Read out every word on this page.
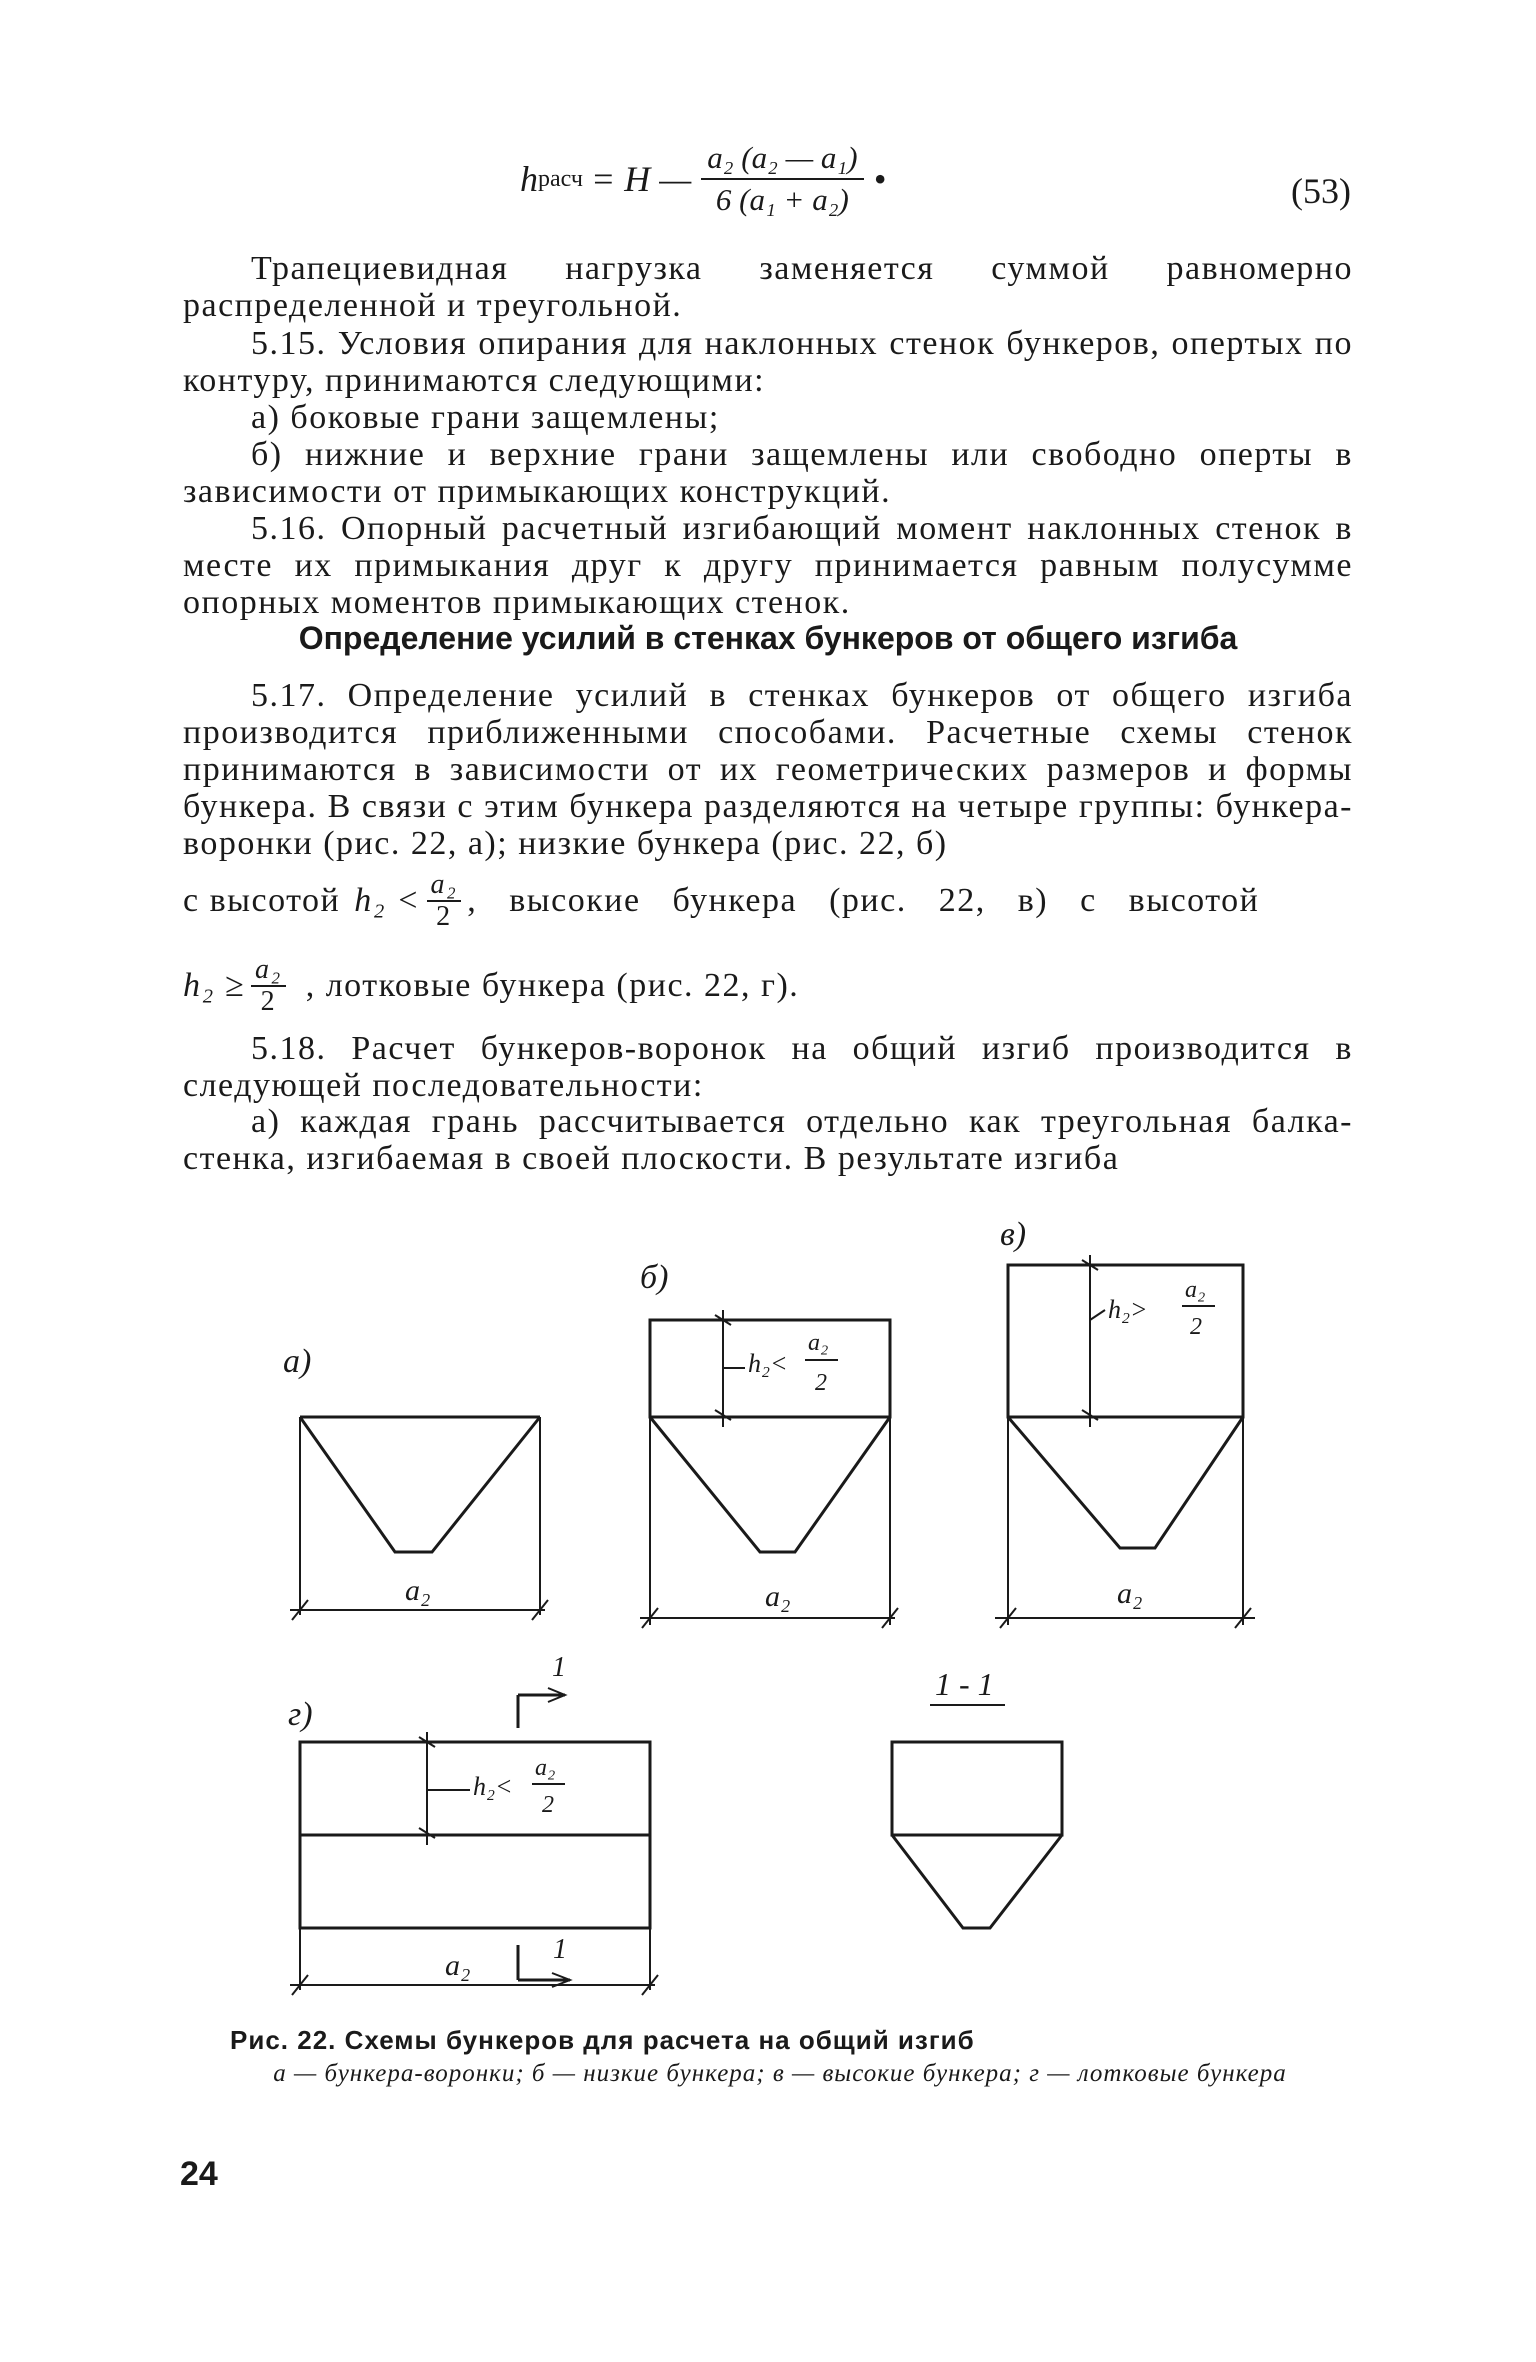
h расч = H — $\frac{\text{a₂ (a₂ — a₁)}}{\text{6 (a₁ + a₂)}}$ •	(53)
Трапециевидная нагрузка заменяется суммой равномерно распределенной и треугольной.
5.15. Условия опирания для наклонных стенок бункеров, опертых по контуру, принимаются следующими:
а) боковые грани защемлены;
б) нижние и верхние грани защемлены или свободно оперты в зависимости от примыкающих конструкций.
5.16. Опорный расчетный изгибающий момент наклонных стенок в месте их примыкания друг к другу принимается равным полусумме опорных моментов примыкающих стенок.
Определение усилий в стенках бункеров от общего изгиба
5.17. Определение усилий в стенках бункеров от общего изгиба производится приближенными способами. Расчетные схемы стенок принимаются в зависимости от их геометрических размеров и формы бункера. В связи с этим бункера разделяются на четыре группы: бункера-воронки (рис. 22, а); низкие бункера (рис. 22, б)
с высотой $h_2 < \frac{\text{a₂}}{2}$ , высокие бункера (рис. 22, в) с высотой
$h_2 \ge \frac{\text{a₂}}{2}$ , лотковые бункера (рис. 22, г).
5.18. Расчет бункеров-воронок на общий изгиб производится в следующей последовательности:
а) каждая грань рассчитывается отдельно как треугольная балка-стенка, изгибаемая в своей плоскости. В результате изгиба
а)
a₂
б)
h₂<
a₂
2
a₂
в)
h₂>
a₂
2
a₂
г)
h₂<
a₂
2
a₂
1
1
1 - 1
Рис. 22. Схемы бункеров для расчета на общий изгиб
а — бункера-воронки; б — низкие бункера; в — высокие бункера; г — лотковые бункера
24
